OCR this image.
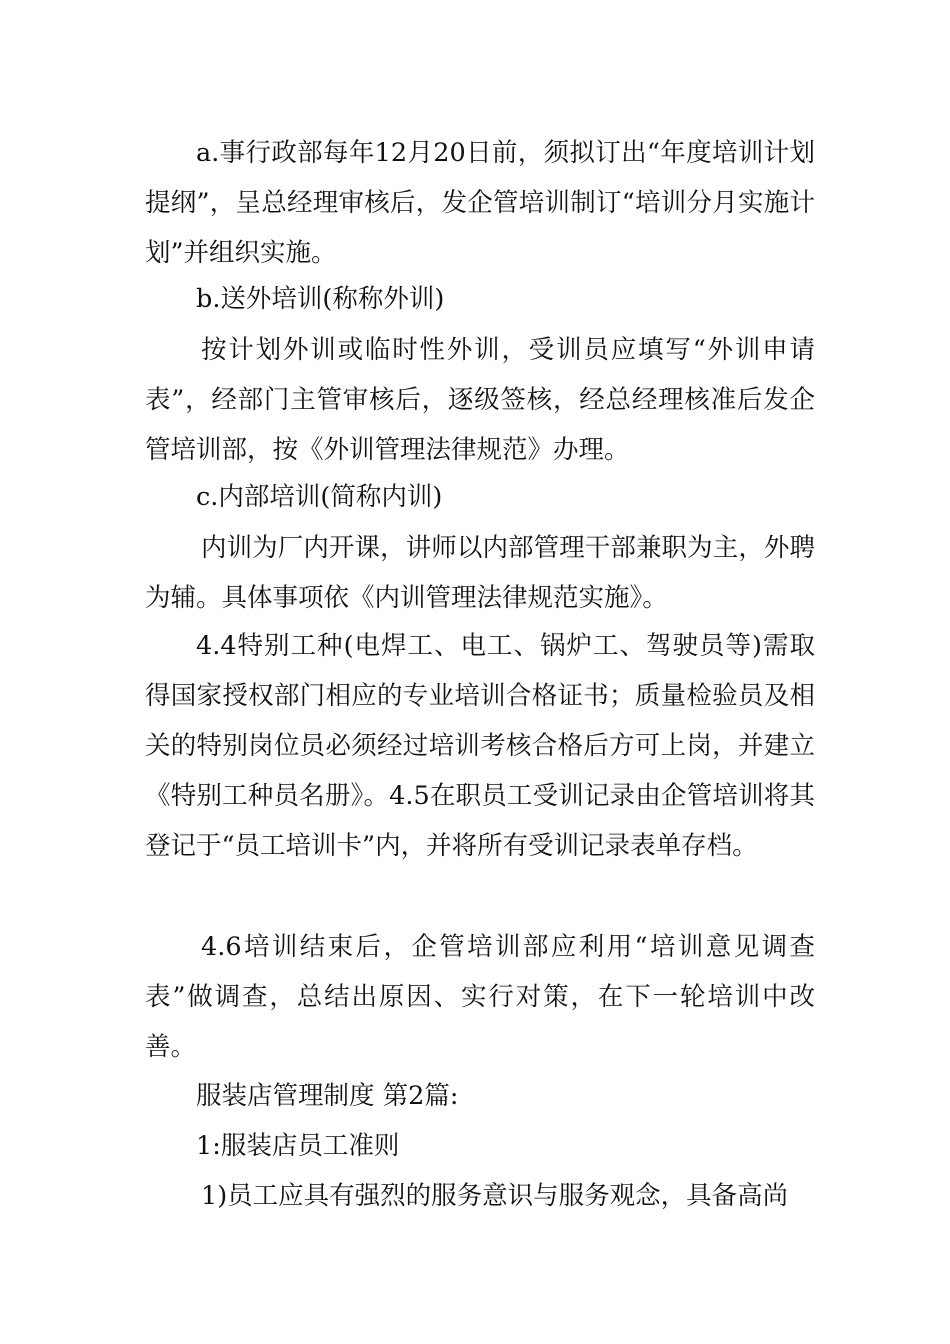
a.事行政部每年12月20日前，须拟订出“年度培训计划提纲”，呈总经理审核后，发企管培训制订“培训分月实施计划”并组织实施。

b.送外培训(称称外训)

按计划外训或临时性外训，受训员应填写“外训申请表”，经部门主管审核后，逐级签核，经总经理核准后发企管培训部，按《外训管理法律规范》办理。

c.内部培训(简称内训)

内训为厂内开课，讲师以内部管理干部兼职为主，外聘为辅。具体事项依《内训管理法律规范实施》。

4.4特别工种(电焊工、电工、锅炉工、驾驶员等)需取得国家授权部门相应的专业培训合格证书；质量检验员及相关的特别岗位员必须经过培训考核合格后方可上岗，并建立《特别工种员名册》。4.5在职员工受训记录由企管培训将其登记于“员工培训卡”内，并将所有受训记录表单存档。

4.6培训结束后，企管培训部应利用“培训意见调查表”做调查，总结出原因、实行对策，在下一轮培训中改善。

服装店管理制度 第2篇:

1:服装店员工准则

1)员工应具有强烈的服务意识与服务观念，具备高尚
